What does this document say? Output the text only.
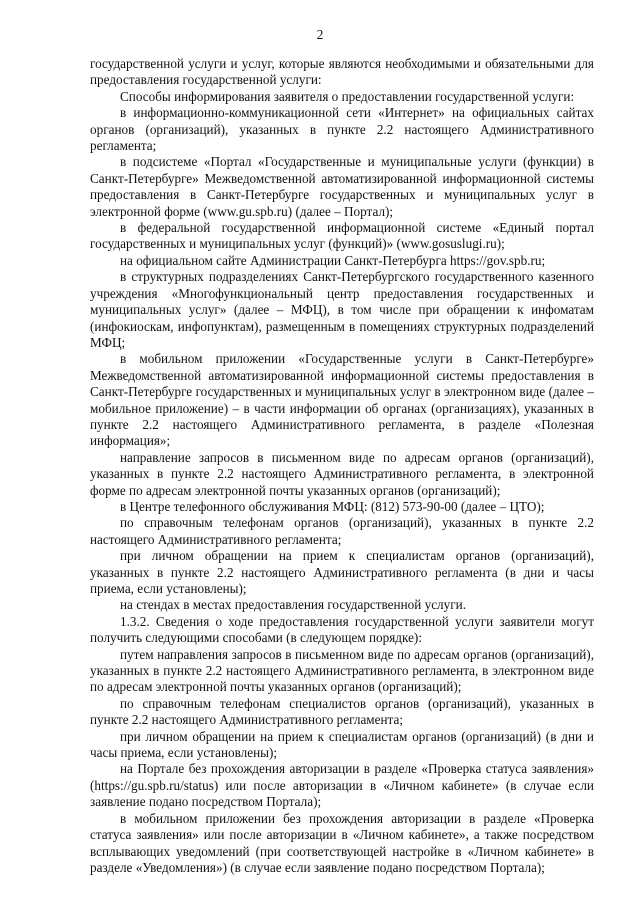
2

государственной услуги и услуг, которые являются необходимыми и обязательными для предоставления государственной услуги:

Способы информирования заявителя о предоставлении государственной услуги:

в информационно-коммуникационной сети «Интернет» на официальных сайтах органов (организаций), указанных в пункте 2.2 настоящего Административного регламента;

в подсистеме «Портал «Государственные и муниципальные услуги (функции) в Санкт-Петербурге» Межведомственной автоматизированной информационной системы предоставления в Санкт-Петербурге государственных и муниципальных услуг в электронной форме (www.gu.spb.ru) (далее – Портал);

в федеральной государственной информационной системе «Единый портал государственных и муниципальных услуг (функций)» (www.gosuslugi.ru);

на официальном сайте Администрации Санкт-Петербурга https://gov.spb.ru;

в структурных подразделениях Санкт-Петербургского государственного казенного учреждения «Многофункциональный центр предоставления государственных и муниципальных услуг» (далее – МФЦ), в том числе при обращении к инфоматам (инфокиоскам, инфопунктам), размещенным в помещениях структурных подразделений МФЦ;

в мобильном приложении «Государственные услуги в Санкт-Петербурге» Межведомственной автоматизированной информационной системы предоставления в Санкт-Петербурге государственных и муниципальных услуг в электронном виде (далее – мобильное приложение) – в части информации об органах (организациях), указанных в пункте 2.2 настоящего Административного регламента, в разделе «Полезная информация»;

направление запросов в письменном виде по адресам органов (организаций), указанных в пункте 2.2 настоящего Административного регламента, в электронной форме по адресам электронной почты указанных органов (организаций);

в Центре телефонного обслуживания МФЦ: (812) 573-90-00 (далее – ЦТО);

по справочным телефонам органов (организаций), указанных в пункте 2.2 настоящего Административного регламента;

при личном обращении на прием к специалистам органов (организаций), указанных в пункте 2.2 настоящего Административного регламента (в дни и часы приема, если установлены);

на стендах в местах предоставления государственной услуги.

1.3.2. Сведения о ходе предоставления государственной услуги заявители могут получить следующими способами (в следующем порядке):

путем направления запросов в письменном виде по адресам органов (организаций), указанных в пункте 2.2 настоящего Административного регламента, в электронном виде по адресам электронной почты указанных органов (организаций);

по справочным телефонам специалистов органов (организаций), указанных в пункте 2.2 настоящего Административного регламента;

при личном обращении на прием к специалистам органов (организаций) (в дни и часы приема, если установлены);

на Портале без прохождения авторизации в разделе «Проверка статуса заявления» (https://gu.spb.ru/status) или после авторизации в «Личном кабинете» (в случае если заявление подано посредством Портала);

в мобильном приложении без прохождения авторизации в разделе «Проверка статуса заявления» или после авторизации в «Личном кабинете», а также посредством всплывающих уведомлений (при соответствующей настройке в «Личном кабинете» в разделе «Уведомления») (в случае если заявление подано посредством Портала);
